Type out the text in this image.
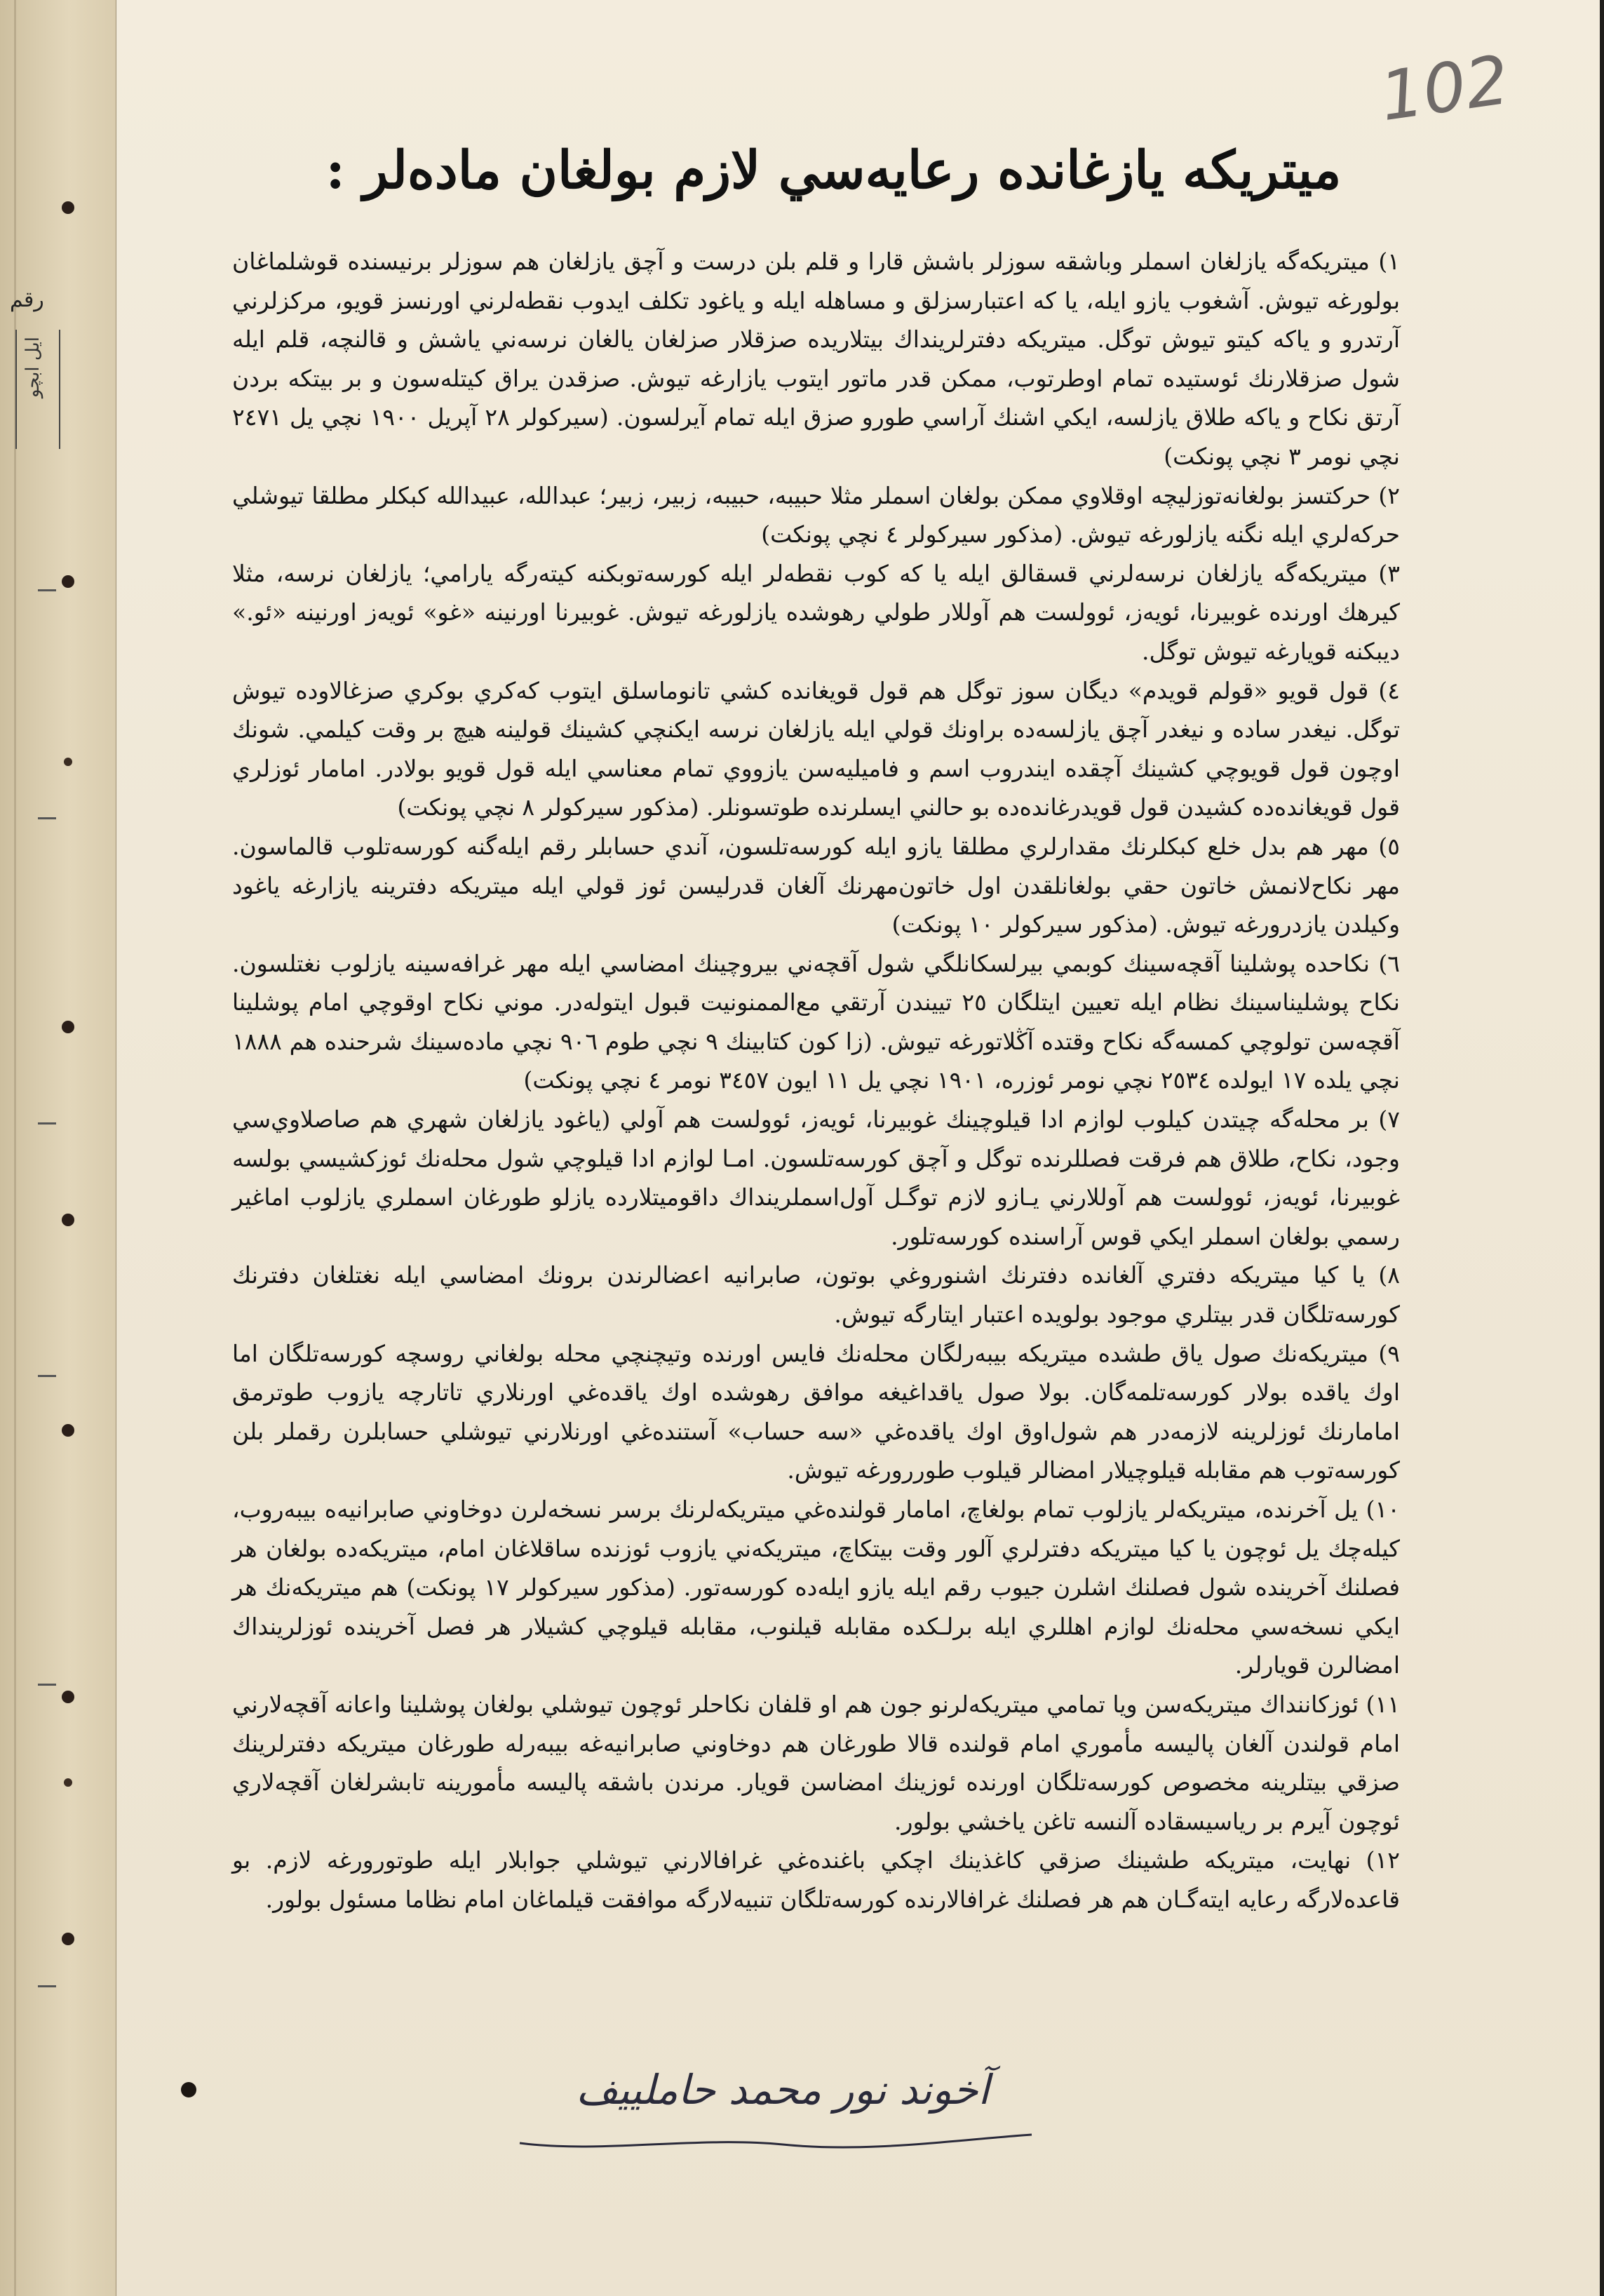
رقم
ايل ابچو
102
ميتريكه يازغانده رعايه‌سي لازم بولغان ماده‌لر :

١) ميتريكه‌گه يازلغان اسملر وباشقه سوزلر باشش قارا و قلم بلن درست و آچق يازلغان هم سوزلر برنيسنده قوشلماغان بولورغه تيوش. آشغوب يازو ايله، يا كه اعتبارسزلق و مساهله ايله و ياغود تكلف ايدوب نقطه‌لرني اورنسز قويو، مركزلرني آرتدرو و ياكه كيتو تيوش توگل. ميتريكه دفترلرينداك بيتلاريده صزقلار صزلغان يالغان نرسه‌ني ياشش و قالنچه، قلم ايله شول صزقلارنك ئوستيده تمام اوطرتوب، ممكن قدر ماتور ايتوب يازارغه تيوش. صزقدن يراق كيتله‌سون و بر بيتكه بردن آرتق نكاح و ياكه طلاق يازلسه، ايكي اشنك آراسي طورو صزق ايله تمام آيرلسون. (سيركولر ٢٨ آپريل ١٩٠٠ نچي يل ٢٤٧١ نچي نومر ٣ نچي پونكت)

٢) حركتسز بولغانه‌توزليچه اوقلاوي ممكن بولغان اسملر مثلا حبيبه، حبيبه، زبير، زبير؛ عبدالله، عبيدالله كبكلر مطلقا تيوشلي حركه‌لري ايله نگنه يازلورغه تيوش. (مذكور سيركولر ٤ نچي پونكت)

٣) ميتريكه‌گه يازلغان نرسه‌لرني قسقالق ايله يا كه كوب نقطه‌لر ايله كورسه‌توبكنه كيته‌رگه يارامي؛ يازلغان نرسه، مثلا كيرهك اورنده غوبيرنا، ئويه‌ز، ئوولست هم آوللار طولي رهوشده يازلورغه تيوش. غوبيرنا اورنينه «غو» ئويه‌ز اورنينه «ئو.» ديبكنه قويارغه تيوش توگل.

٤) قول قويو «قولم قويدم» ديگان سوز توگل هم قول قويغانده كشي تانوماسلق ايتوب كه‌كري بوكري صزغالاوده تيوش توگل. نيغدر ساده و نيغدر آچق يازلسه‌ده براونك قولي ايله يازلغان نرسه ايكنچي كشينك قولينه هيچ بر وقت كيلمي. شونك اوچون قول قويوچي كشينك آچقده ايندروب اسم و فاميليه‌سن يازووي تمام معناسي ايله قول قويو بولادر. امامار ئوزلري قول قويغانده‌ده كشيدن قول قويدرغانده‌ده بو حالني ايسلرنده طوتسونلر. (مذكور سيركولر ٨ نچي پونكت)

٥) مهر هم بدل خلع كبكلرنك مقدارلري مطلقا يازو ايله كورسه‌تلسون، آندي حسابلر رقم ايله‌گنه كورسه‌تلوب قالماسون. مهر نكاح‌لانمش خاتون حقي بولغانلقدن اول خاتون‌مهرنك آلغان قدرليسن ئوز قولي ايله ميتريكه دفترينه يازارغه ياغود وكيلدن يازدرورغه تيوش. (مذكور سيركولر ١٠ پونكت)

٦) نكاحده پوشلينا آقچه‌سينك كوبمي بيرلسكانلگي شول آقچه‌ني بيروچينك امضاسي ايله مهر غرافه‌سينه يازلوب نغتلسون. نكاح پوشليناسينك نظام ايله تعيين ايتلگان ٢٥ تييندن آرتقي مع‌الممنونيت قبول ايتوله‌در. موني نكاح اوقوچي امام پوشلينا آقچه‌سن تولوچي كمسه‌گه نكاح وقتده آڭلاتورغه تيوش. (زا كون كتابينك ٩ نچي طوم ٩٠٦ نچي ماده‌سينك شرحنده هم ١٨٨٨ نچي يلده ١٧ ايولده ٢٥٣٤ نچي نومر ئوزره، ١٩٠١ نچي يل ١١ ايون ٣٤٥٧ نومر ٤ نچي پونكت)

٧) بر محله‌گه چيتدن كيلوب لوازم ادا قيلوچينك غوبيرنا، ئويه‌ز، ئوولست هم آولي (ياغود يازلغان شهري هم صاصلاوي‌سي وجود، نكاح، طلاق هم فرقت فصللرنده توگل و آچق كورسه‌تلسون. امـا لوازم ادا قيلوچي شول محله‌نك ئوزكشيسي بولسه غوبيرنا، ئويه‌ز، ئوولست هم آوللارني يـازو لازم توگـل آول‌اسملرينداك داقوميتلارده يازلو طورغان اسملري يازلوب اماغير رسمي بولغان اسملر ايكي قوس آراسنده كورسه‌تلور.

٨) يا كيا ميتريكه دفتري آلغانده دفترنك اشنوروغي بوتون، صابرانيه اعضالرندن برونك امضاسي ايله نغتلغان دفترنك كورسه‌تلگان قدر بيتلري موجود بولويده اعتبار ايتارگه تيوش.

٩) ميتريكه‌نك صول ياق طشده ميتريكه بيبه‌رلگان محله‌نك فايس اورنده‌ وتيچنچي محله بولغاني روسچه كورسه‌تلگان اما اوك ياقده بولار كورسه‌تلمه‌گان. بولا صول ياقداغيغه موافق رهوشده اوك ياقده‌غي اورنلاري تاتارچه يازوب طوترمق امامارنك ئوزلرينه لازمه‌در هم شول‌اوق اوك ياقده‌غي «سه حساب» آستنده‌غي اورنلارني تيوشلي حسابلرن رقملر بلن كورسه‌توب هم مقابله قيلوچيلار امضالر قيلوب طوررورغه تيوش.

١٠) يل آخرنده، ميتريكه‌لر يازلوب تمام بولغاچ، امامار قولنده‌غي ميتريكه‌لرنك برسر نسخه‌لرن دوخاوني صابرانيه‌ه بيبه‌روب، كيله‌چك يل ئوچون يا كيا ميتريكه دفترلري آلور وقت بيتكاچ، ميتريكه‌ني يازوب ئوزنده ساقلاغان امام، ميتريكه‌ده بولغان هر فصلنك آخرينده شول فصلنك اشلرن جيوب رقم ايله يازو ايله‌ده كورسه‌تور. (مذكور سيركولر ١٧ پونكت) هم ميتريكه‌نك هر ايكي نسخه‌سي محله‌نك لوازم اهللري ايله برلـكده مقابله قيلنوب، مقابله قيلوچي كشيلار هر فصل آخرينده ئوزلرينداك امضالرن قويارلر.

١١) ئوزكاننداك ميتريكه‌سن ويا تمامي ميتريكه‌لرنو جون هم او قلفان نكاحلر ئوچون تيوشلي بولغان پوشلينا واعانه آقچه‌لارني امام قولندن آلغان پاليسه مأموري امام قولنده قالا طورغان هم دوخاوني صابرانيه‌غه بيبه‌رله طورغان ميتريكه دفترلرينك صزقي بيتلرينه مخصوص كورسه‌تلگان اورنده ئوزينك امضاسن قويار. مرندن باشقه پاليسه مأمورينه تابشرلغان آقچه‌لاري ئوچون آيرم بر رياسيسقاده آلنسه تاغن ياخشي بولور.

١٢) نهايت، ميتريكه طشينك صزقي كاغذينك اچكي باغنده‌غي غرافالارني تيوشلي جوابلار ايله طوتورورغه لازم. بو قاعده‌لارگه رعايه ايته‌گـان هم هر فصلنك غرافالارنده كورسه‌تلگان تنبيه‌لارگه موافقت قيلماغان امام نظاما مسئول بولور.

آخوند نور محمد حاملييف
